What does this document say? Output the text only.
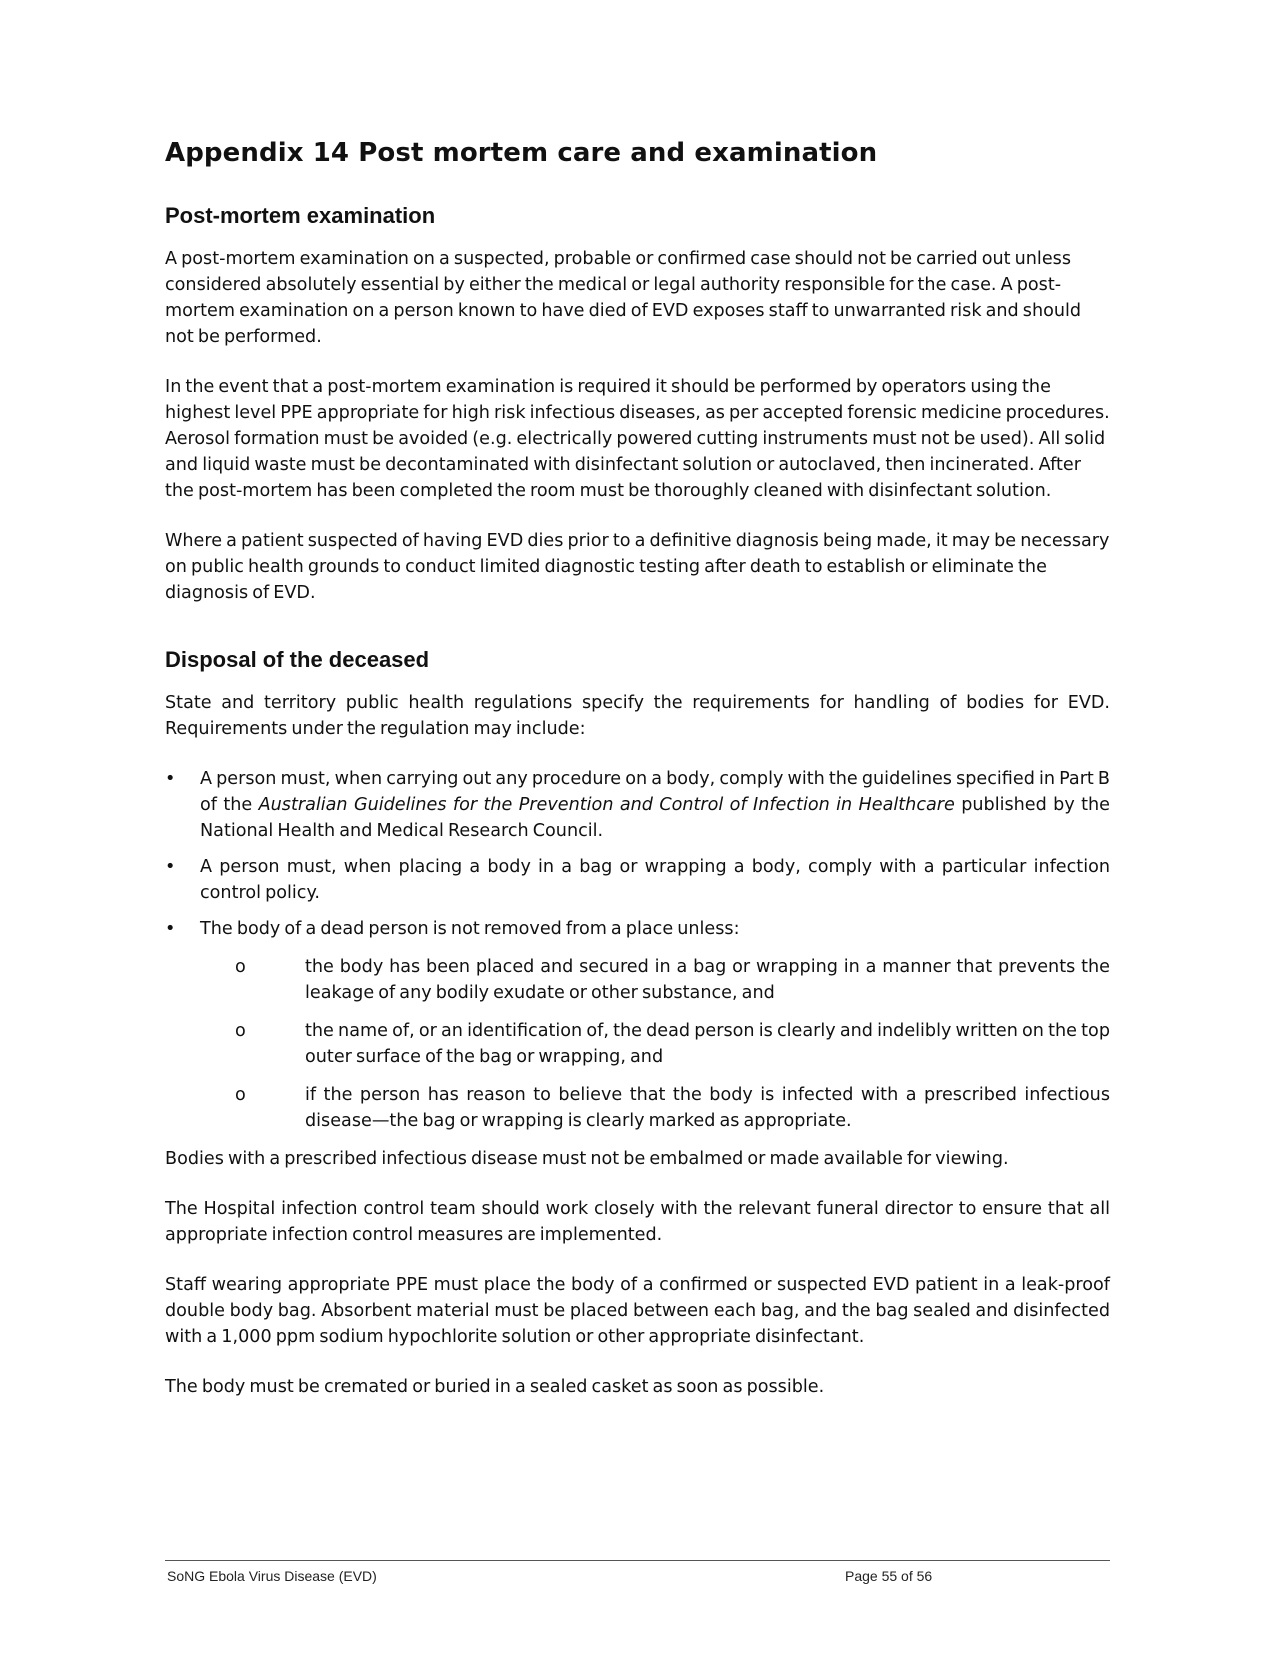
Appendix 14 Post mortem care and examination
Post-mortem examination

A post-mortem examination on a suspected, probable or confirmed case should not be carried out unless considered absolutely essential by either the medical or legal authority responsible for the case. A post-mortem examination on a person known to have died of EVD exposes staff to unwarranted risk and should not be performed.

In the event that a post-mortem examination is required it should be performed by operators using the highest level PPE appropriate for high risk infectious diseases, as per accepted forensic medicine procedures. Aerosol formation must be avoided (e.g. electrically powered cutting instruments must not be used). All solid and liquid waste must be decontaminated with disinfectant solution or autoclaved, then incinerated. After the post-mortem has been completed the room must be thoroughly cleaned with disinfectant solution.

Where a patient suspected of having EVD dies prior to a definitive diagnosis being made, it may be necessary on public health grounds to conduct limited diagnostic testing after death to establish or eliminate the diagnosis of EVD.

Disposal of the deceased

State and territory public health regulations specify the requirements for handling of bodies for EVD. Requirements under the regulation may include:

• A person must, when carrying out any procedure on a body, comply with the guidelines specified in Part B of the Australian Guidelines for the Prevention and Control of Infection in Healthcare published by the National Health and Medical Research Council.
• A person must, when placing a body in a bag or wrapping a body, comply with a particular infection control policy.
• The body of a dead person is not removed from a place unless:
o	the body has been placed and secured in a bag or wrapping in a manner that prevents the leakage of any bodily exudate or other substance, and
o	the name of, or an identification of, the dead person is clearly and indelibly written on the top outer surface of the bag or wrapping, and
o	if the person has reason to believe that the body is infected with a prescribed infectious disease—the bag or wrapping is clearly marked as appropriate.

Bodies with a prescribed infectious disease must not be embalmed or made available for viewing.

The Hospital infection control team should work closely with the relevant funeral director to ensure that all appropriate infection control measures are implemented.

Staff wearing appropriate PPE must place the body of a confirmed or suspected EVD patient in a leak-proof double body bag. Absorbent material must be placed between each bag, and the bag sealed and disinfected with a 1,000 ppm sodium hypochlorite solution or other appropriate disinfectant.

The body must be cremated or buried in a sealed casket as soon as possible.

SoNG Ebola Virus Disease (EVD)	Page 55 of 56
